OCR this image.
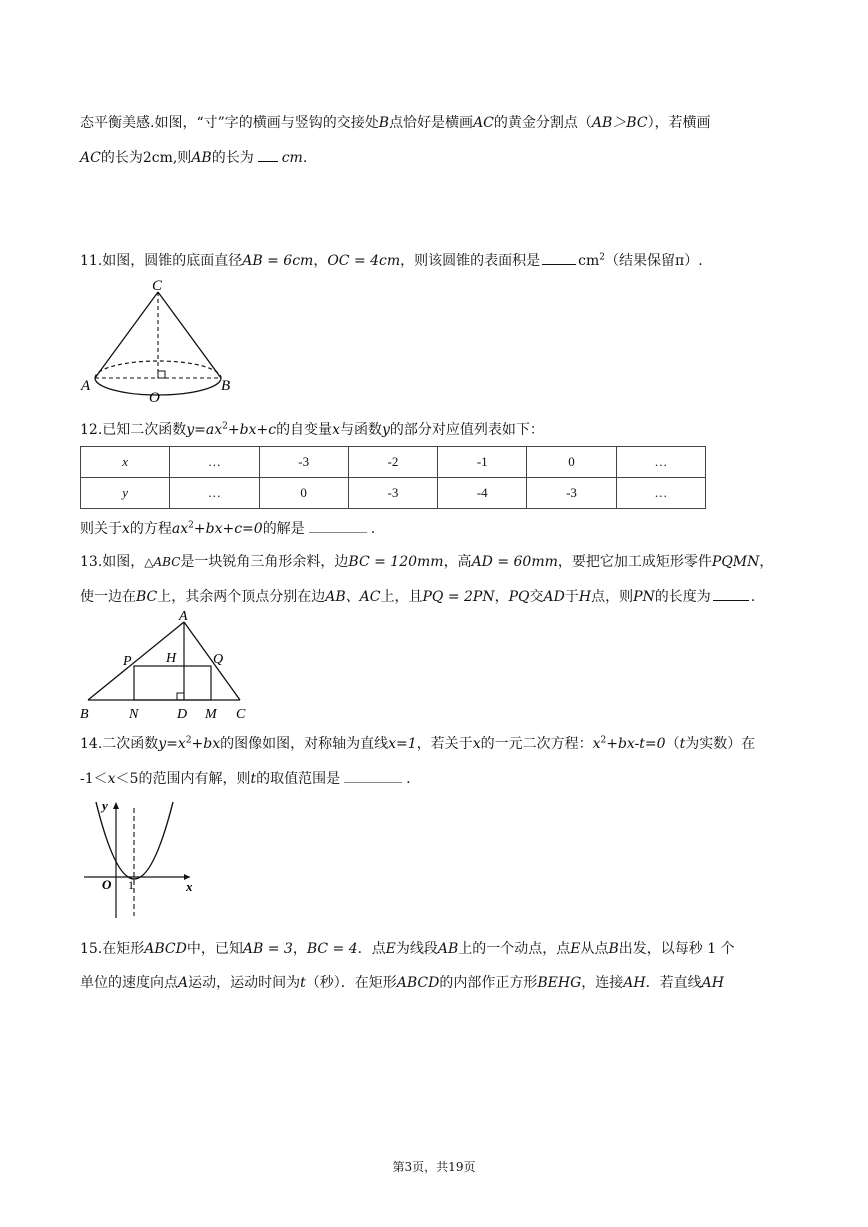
态平衡美感.如图，“寸”字的横画与竖钩的交接处B点恰好是横画AC的黄金分割点（AB＞BC），若横画
AC的长为2cm,则AB的长为 cm.
11.如图，圆锥的底面直径AB = 6cm，OC = 4cm，则该圆锥的表面积是	$cm^2$（结果保留π）.
C
A	B
O
12.已知二次函数$y=ax^2+bx+c$的自变量x与函数y的部分对应值列表如下：
x	…	-3	-2	-1	0	…
y	…	0	-3	-4	-3	…
则关于x的方程$ax^2+bx+c=0$的解是	.
13.如图，△ABC是一块锐角三角形余料，边BC = 120mm，高AD = 60mm，要把它加工成矩形零件PQMN，
使一边在BC上，其余两个顶点分别在边AB、AC上，且PQ = 2PN，PQ交AD于H点，则PN的长度为	.
A
P H	Q
B	N	D M C
14.二次函数$y=x^2+bx$的图像如图，对称轴为直线x=1，若关于x的一元二次方程：$x^2+bx-t=0(t$为实数）在
-1＜x＜5的范围内有解，则t的取值范围是	.
y
x
O 1
15.在矩形ABCD中，已知AB = 3，BC = 4．点E为线段AB上的一个动点，点E从点B出发，以每秒 1 个
单位的速度向点A运动，运动时间为t（秒）．在矩形ABCD的内部作正方形BEHG，连接AH．若直线AH
第3页，共19页
